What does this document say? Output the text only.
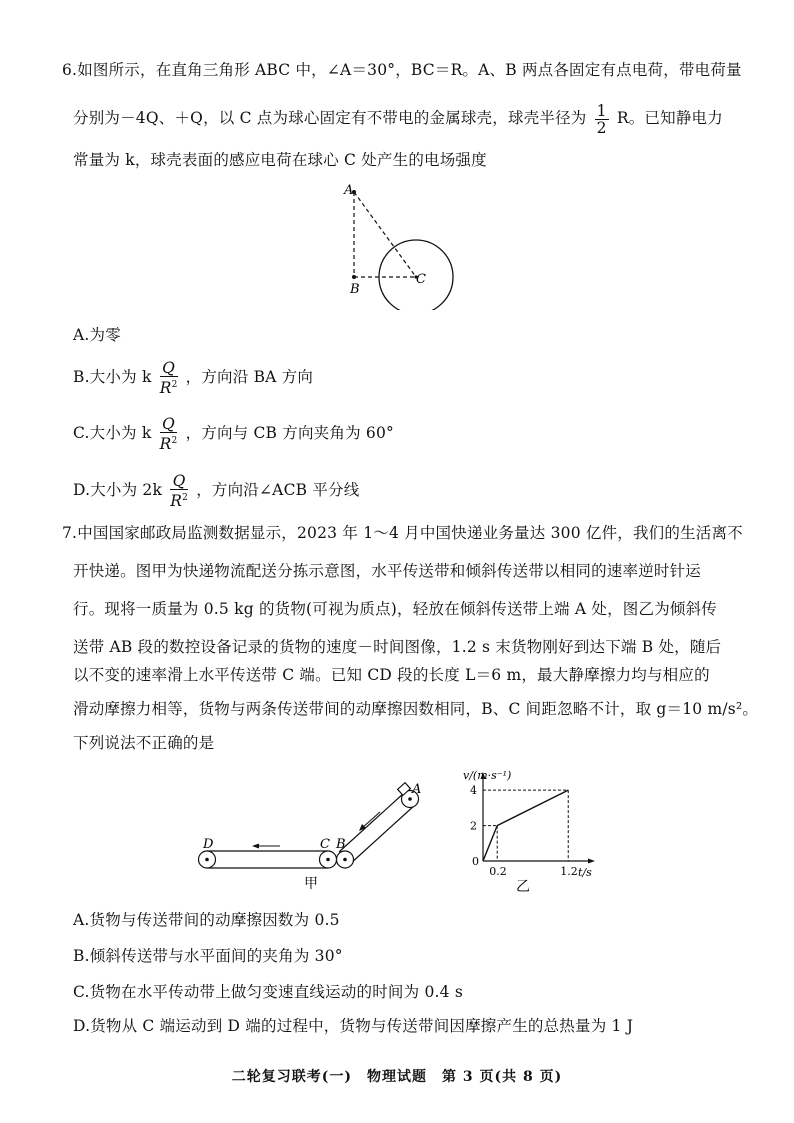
6.如图所示，在直角三角形 ABC 中，∠A＝30°，BC＝R。A、B 两点各固定有点电荷，带电荷量
分别为－4Q、＋Q，以 C 点为球心固定有不带电的金属球壳，球壳半径为 $\frac{1}{2}$ R。已知静电力
常量为 k，球壳表面的感应电荷在球心 C 处产生的电场强度
A
B
C
A.为零
B.大小为 k $\frac{Q}{R^2}$ ，方向沿 BA 方向
C.大小为 k $\frac{Q}{R^2}$ ，方向与 CB 方向夹角为 60°
D.大小为 $2k \frac{Q}{R^2}$ ，方向沿∠ACB 平分线
7.中国国家邮政局监测数据显示，2023 年 1～4 月中国快递业务量达 300 亿件，我们的生活离不
开快递。图甲为快递物流配送分拣示意图，水平传送带和倾斜传送带以相同的速率逆时针运
行。现将一质量为 0.5 kg 的货物(可视为质点)，轻放在倾斜传送带上端 A 处，图乙为倾斜传
送带 AB 段的数控设备记录的货物的速度－时间图像，1.2 s 末货物刚好到达下端 B 处，随后
以不变的速率滑上水平传送带 C 端。已知 CD 段的长度 L＝6 m，最大静摩擦力均与相应的
滑动摩擦力相等，货物与两条传送带间的动摩擦因数相同，B、C 间距忽略不计，取 g＝10 m/s²。
下列说法不正确的是
D	C B
A
甲
v/(m·s⁻¹)
t/s
0
2
4
0.2	1.2
乙
A.货物与传送带间的动摩擦因数为 0.5
B.倾斜传送带与水平面间的夹角为 30°
C.货物在水平传动带上做匀变速直线运动的时间为 0.4 s
D.货物从 C 端运动到 D 端的过程中，货物与传送带间因摩擦产生的总热量为 1 J
二轮复习联考(一)　物理试题　第 3 页(共 8 页)
